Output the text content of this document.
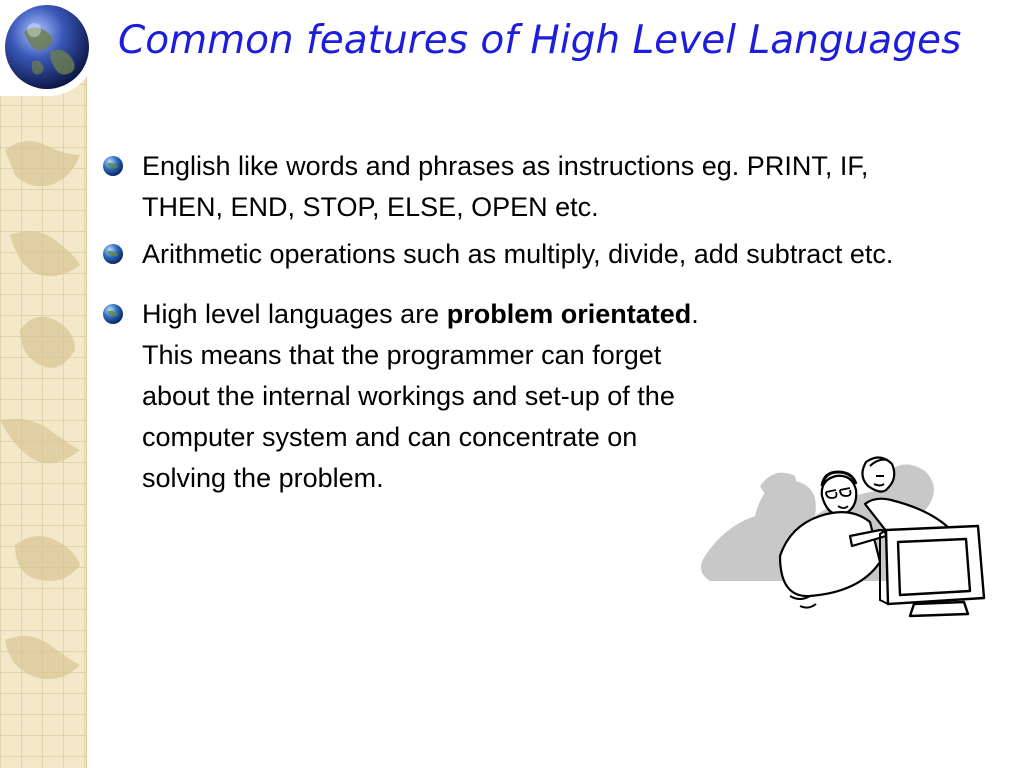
Common features of High Level Languages
English like words and phrases as instructions eg. PRINT, IF, THEN, END, STOP, ELSE, OPEN etc.
Arithmetic operations such as multiply, divide, add subtract etc.
High level languages are problem orientated. This means that the programmer can forget about the internal workings and set-up of the computer system and can concentrate on solving the problem.
